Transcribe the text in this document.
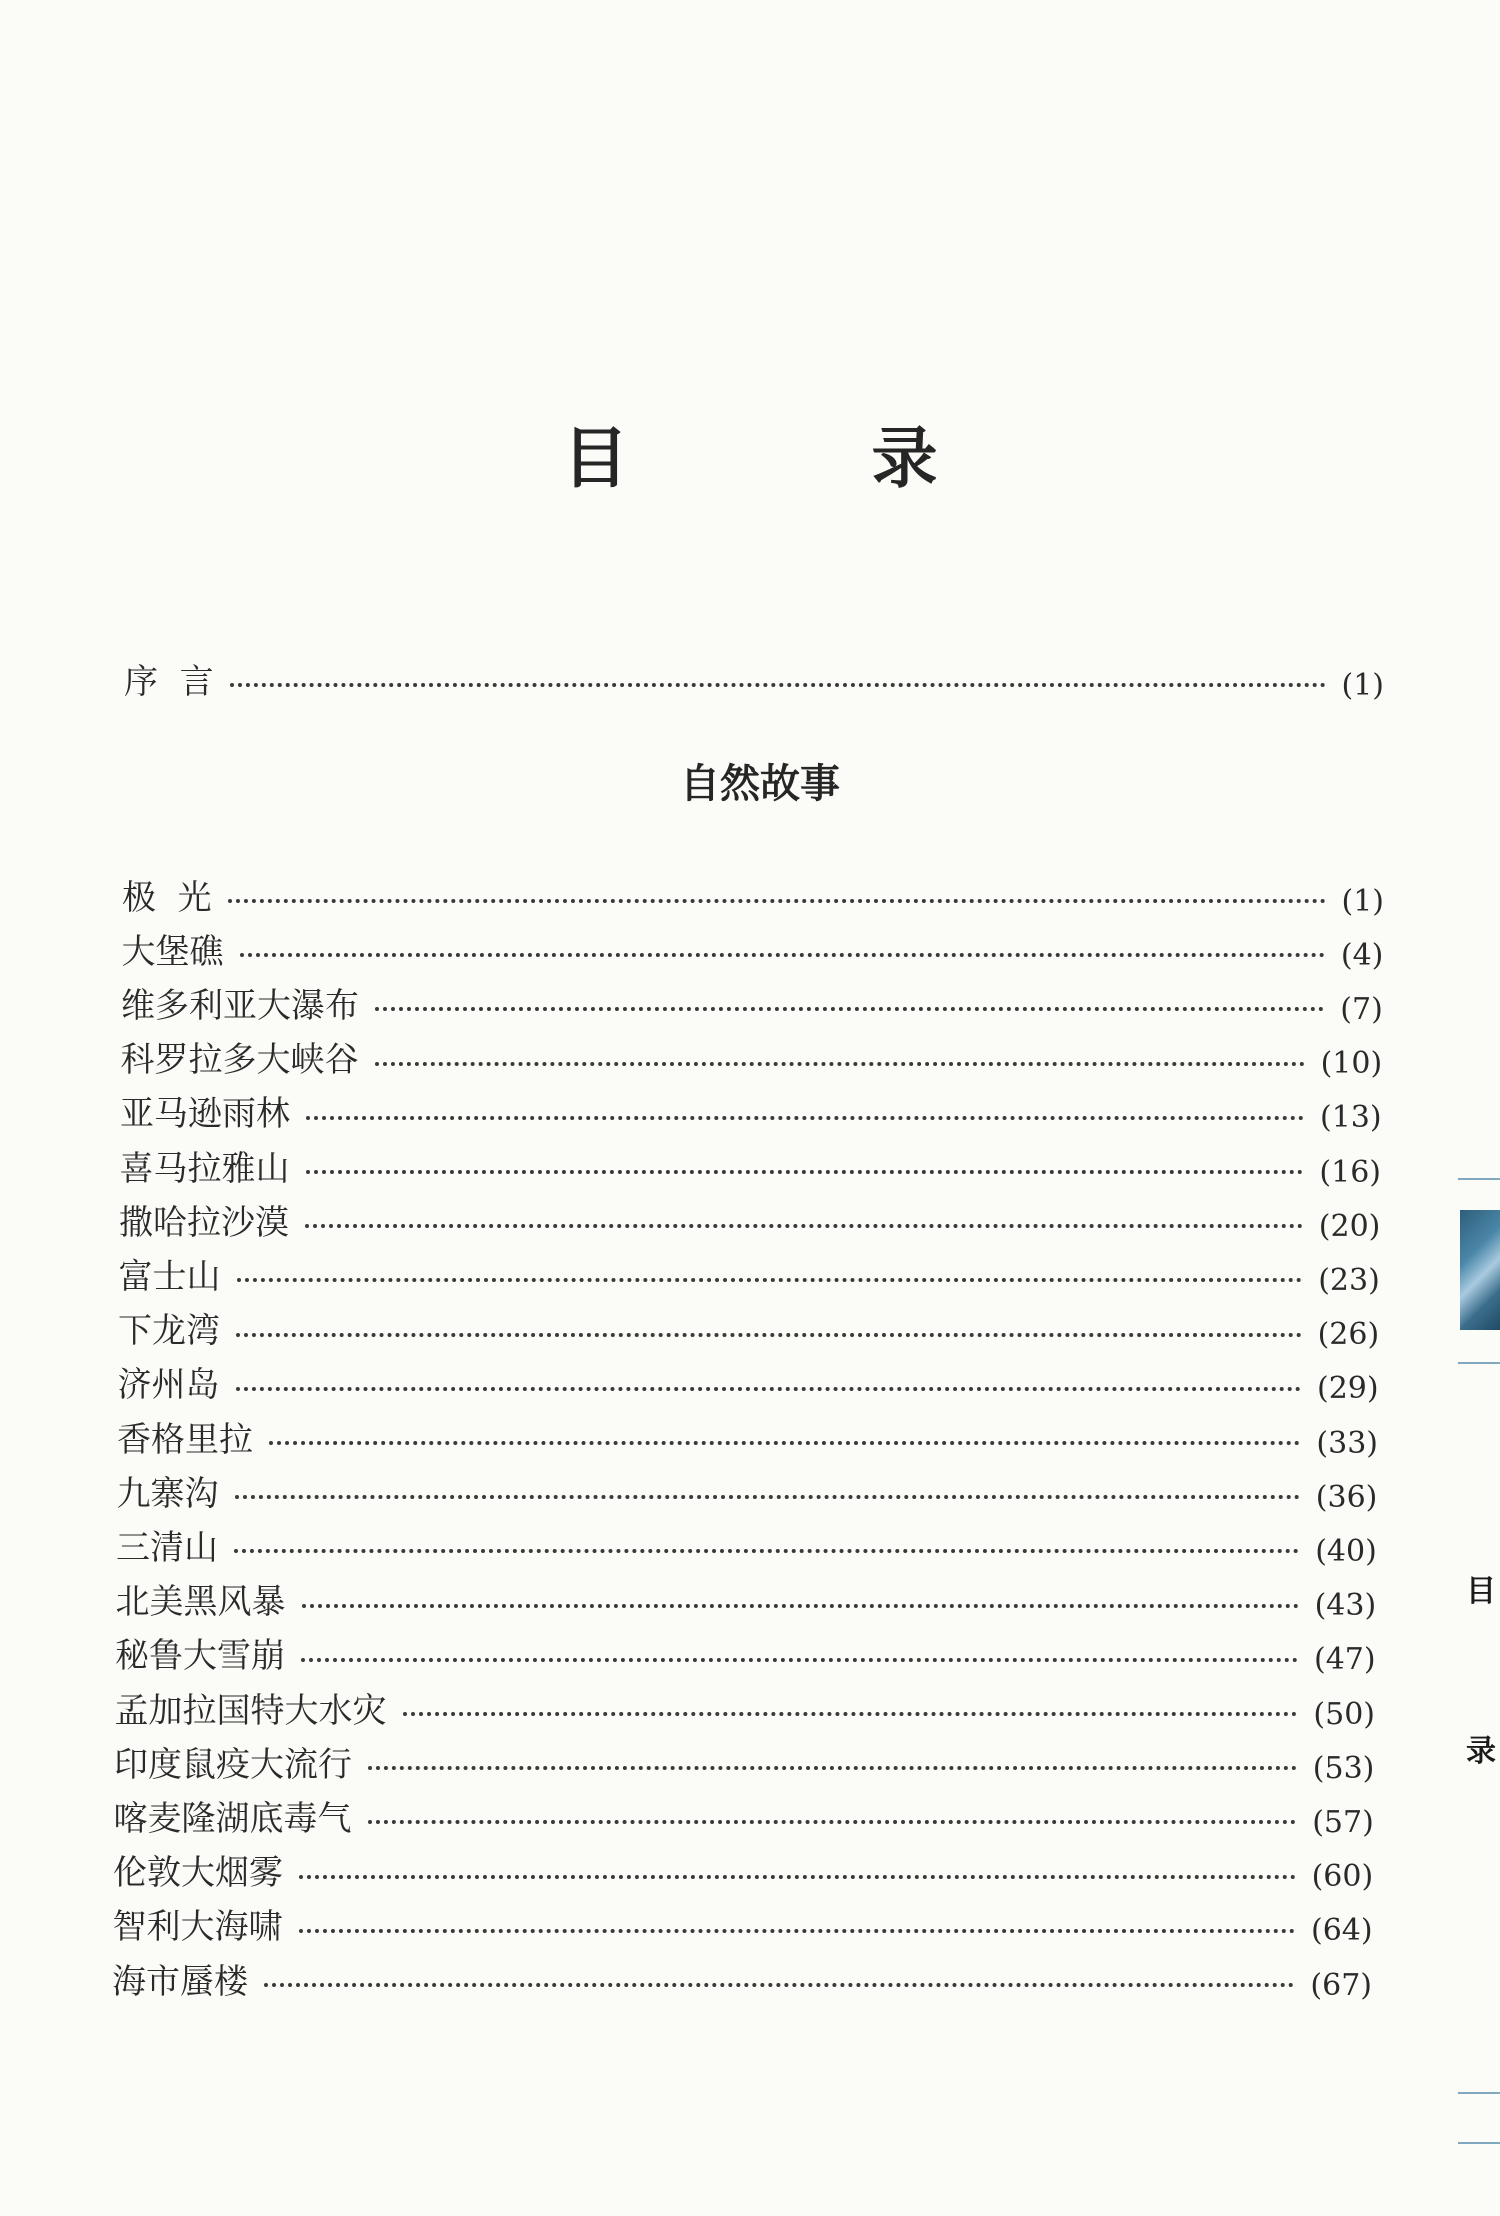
目 录
序  言	(1)
自然故事
极  光	(1)
大堡礁	(4)
维多利亚大瀑布	(7)
科罗拉多大峡谷	(10)
亚马逊雨林	(13)
喜马拉雅山	(16)
撒哈拉沙漠	(20)
富士山	(23)
下龙湾	(26)
济州岛	(29)
香格里拉	(33)
九寨沟	(36)
三清山	(40)
北美黑风暴	(43)
秘鲁大雪崩	(47)
孟加拉国特大水灾	(50)
印度鼠疫大流行	(53)
喀麦隆湖底毒气	(57)
伦敦大烟雾	(60)
智利大海啸	(64)
海市蜃楼	(67)
目
录
